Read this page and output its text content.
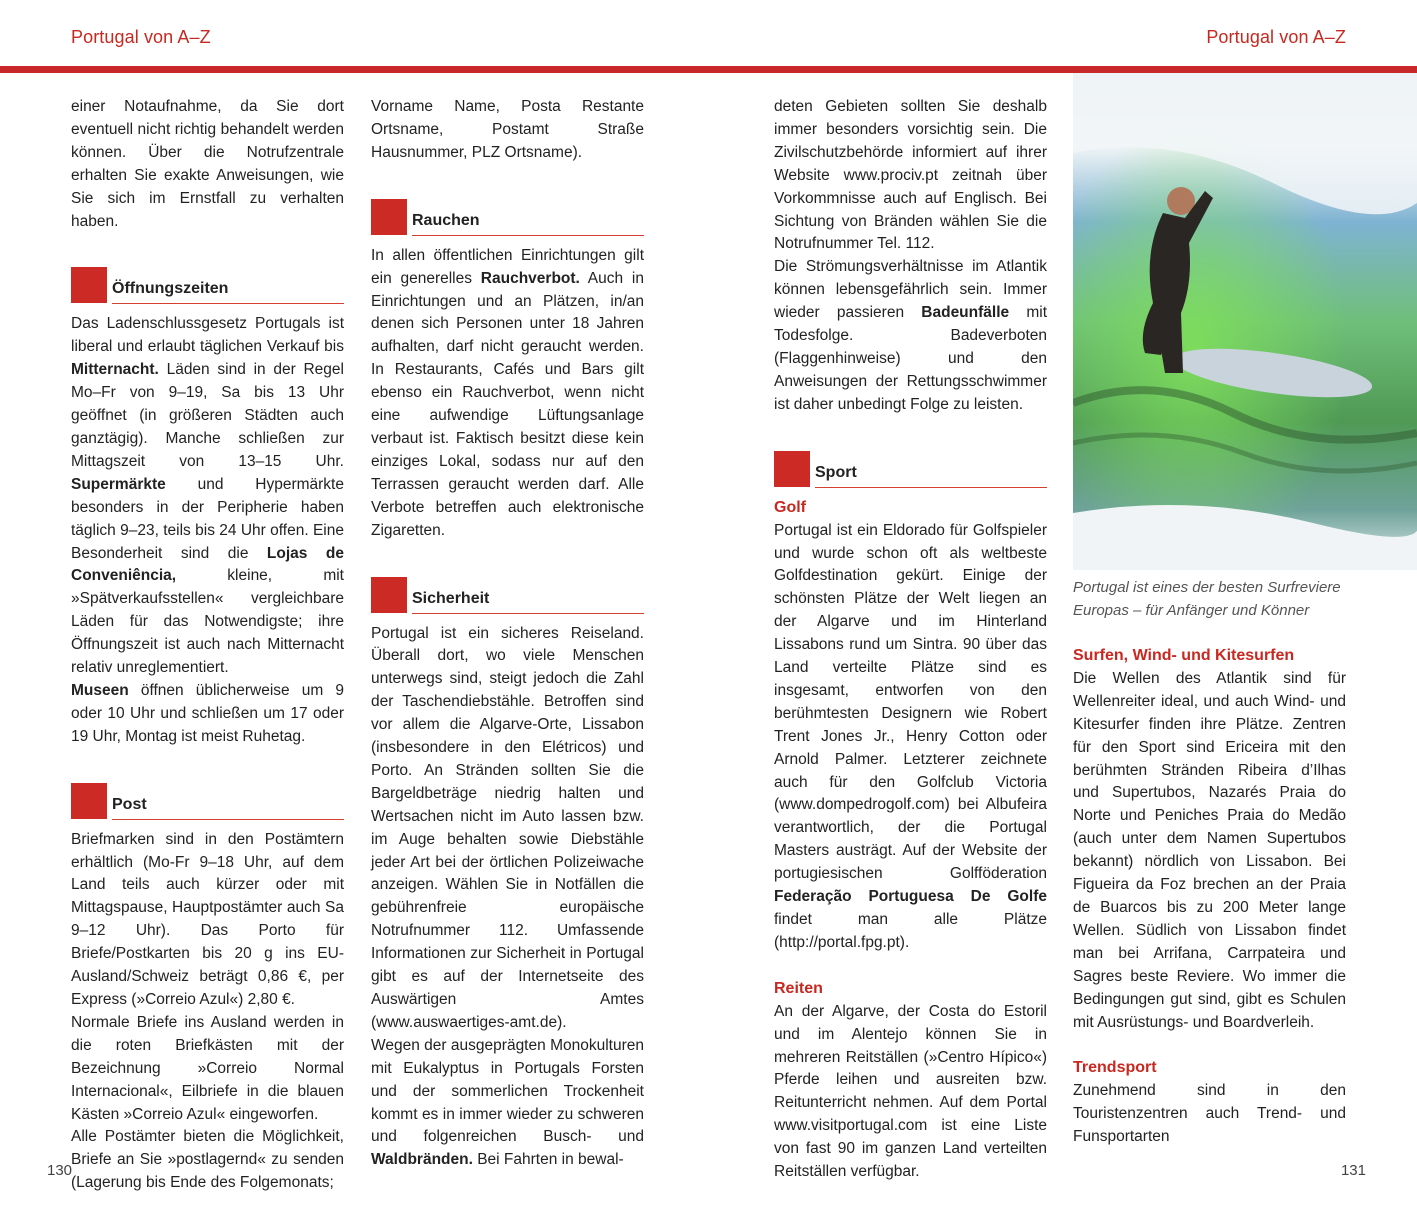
Portugal von A–Z	Portugal von A–Z

einer Notaufnahme, da Sie dort eventuell nicht richtig behandelt werden können. Über die Notrufzentrale erhalten Sie exakte Anweisungen, wie Sie sich im Ernstfall zu verhalten haben.

Öffnungszeiten

Das Ladenschlussgesetz Portugals ist liberal und erlaubt täglichen Verkauf bis Mitternacht. Läden sind in der Regel Mo–Fr von 9–19, Sa bis 13 Uhr geöffnet (in größeren Städten auch ganztägig). Manche schließen zur Mittagszeit von 13–15 Uhr. Supermärkte und Hypermärkte besonders in der Peripherie haben täglich 9–23, teils bis 24 Uhr offen. Eine Besonderheit sind die Lojas de Conveniência, kleine, mit »Spätverkaufsstellen« vergleichbare Läden für das Notwendigste; ihre Öffnungszeit ist auch nach Mitternacht relativ unreglementiert.

Museen öffnen üblicherweise um 9 oder 10 Uhr und schließen um 17 oder 19 Uhr, Montag ist meist Ruhetag.

Post

Briefmarken sind in den Postämtern erhältlich (Mo-Fr 9–18 Uhr, auf dem Land teils auch kürzer oder mit Mittagspause, Hauptpostämter auch Sa 9–12 Uhr). Das Porto für Briefe/Postkarten bis 20 g ins EU-Ausland/Schweiz beträgt 0,86 €, per Express (»Correio Azul«) 2,80 €.

Normale Briefe ins Ausland werden in die roten Briefkästen mit der Bezeichnung »Correio Normal Internacional«, Eilbriefe in die blauen Kästen »Correio Azul« eingeworfen.

Alle Postämter bieten die Möglichkeit, Briefe an Sie »postlagernd« zu senden (Lagerung bis Ende des Folgemonats;

Vorname Name, Posta Restante Ortsname, Postamt Straße Hausnummer, PLZ Ortsname).

Rauchen

In allen öffentlichen Einrichtungen gilt ein generelles Rauchverbot. Auch in Einrichtungen und an Plätzen, in/an denen sich Personen unter 18 Jahren aufhalten, darf nicht geraucht werden. In Restaurants, Cafés und Bars gilt ebenso ein Rauchverbot, wenn nicht eine aufwendige Lüftungsanlage verbaut ist. Faktisch besitzt diese kein einziges Lokal, sodass nur auf den Terrassen geraucht werden darf. Alle Verbote betreffen auch elektronische Zigaretten.

Sicherheit

Portugal ist ein sicheres Reiseland. Überall dort, wo viele Menschen unterwegs sind, steigt jedoch die Zahl der Taschendiebstähle. Betroffen sind vor allem die Algarve-Orte, Lissabon (insbesondere in den Elétricos) und Porto. An Stränden sollten Sie die Bargeldbeträge niedrig halten und Wertsachen nicht im Auto lassen bzw. im Auge behalten sowie Diebstähle jeder Art bei der örtlichen Polizeiwache anzeigen. Wählen Sie in Notfällen die gebührenfreie europäische Notrufnummer 112. Umfassende Informationen zur Sicherheit in Portugal gibt es auf der Internetseite des Auswärtigen Amtes (www.auswaertiges-amt.de).

Wegen der ausgeprägten Monokulturen mit Eukalyptus in Portugals Forsten und der sommerlichen Trockenheit kommt es in immer wieder zu schweren und folgenreichen Busch- und Waldbränden. Bei Fahrten in bewal-

deten Gebieten sollten Sie deshalb immer besonders vorsichtig sein. Die Zivilschutzbehörde informiert auf ihrer Website www.prociv.pt zeitnah über Vorkommnisse auch auf Englisch. Bei Sichtung von Bränden wählen Sie die Notrufnummer Tel. 112.

Die Strömungsverhältnisse im Atlantik können lebensgefährlich sein. Immer wieder passieren Badeunfälle mit Todesfolge. Badeverboten (Flaggenhinweise) und den Anweisungen der Rettungsschwimmer ist daher unbedingt Folge zu leisten.

Sport

Golf

Portugal ist ein Eldorado für Golfspieler und wurde schon oft als weltbeste Golfdestination gekürt. Einige der schönsten Plätze der Welt liegen an der Algarve und im Hinterland Lissabons rund um Sintra. 90 über das Land verteilte Plätze sind es insgesamt, entworfen von den berühmtesten Designern wie Robert Trent Jones Jr., Henry Cotton oder Arnold Palmer. Letzterer zeichnete auch für den Golfclub Victoria (www.dompedrogolf.com) bei Albufeira verantwortlich, der die Portugal Masters austrägt. Auf der Website der portugiesischen Golfföderation Federação Portuguesa De Golfe findet man alle Plätze (http://portal.fpg.pt).

Reiten

An der Algarve, der Costa do Estoril und im Alentejo können Sie in mehreren Reitställen (»Centro Hípico«) Pferde leihen und ausreiten bzw. Reitunterricht nehmen. Auf dem Portal www.visitportugal.com ist eine Liste von fast 90 im ganzen Land verteilten Reitställen verfügbar.

Portugal ist eines der besten Surfreviere Europas – für Anfänger und Könner

Surfen, Wind- und Kitesurfen

Die Wellen des Atlantik sind für Wellenreiter ideal, und auch Wind- und Kitesurfer finden ihre Plätze. Zentren für den Sport sind Ericeira mit den berühmten Stränden Ribeira d’Ilhas und Supertubos, Nazarés Praia do Norte und Peniches Praia do Medão (auch unter dem Namen Supertubos bekannt) nördlich von Lissabon. Bei Figueira da Foz brechen an der Praia de Buarcos bis zu 200 Meter lange Wellen. Südlich von Lissabon findet man bei Arrifana, Carrpateira und Sagres beste Reviere. Wo immer die Bedingungen gut sind, gibt es Schulen mit Ausrüstungs- und Boardverleih.

Trendsport

Zunehmend sind in den Touristenzentren auch Trend- und Funsportarten

130	131
